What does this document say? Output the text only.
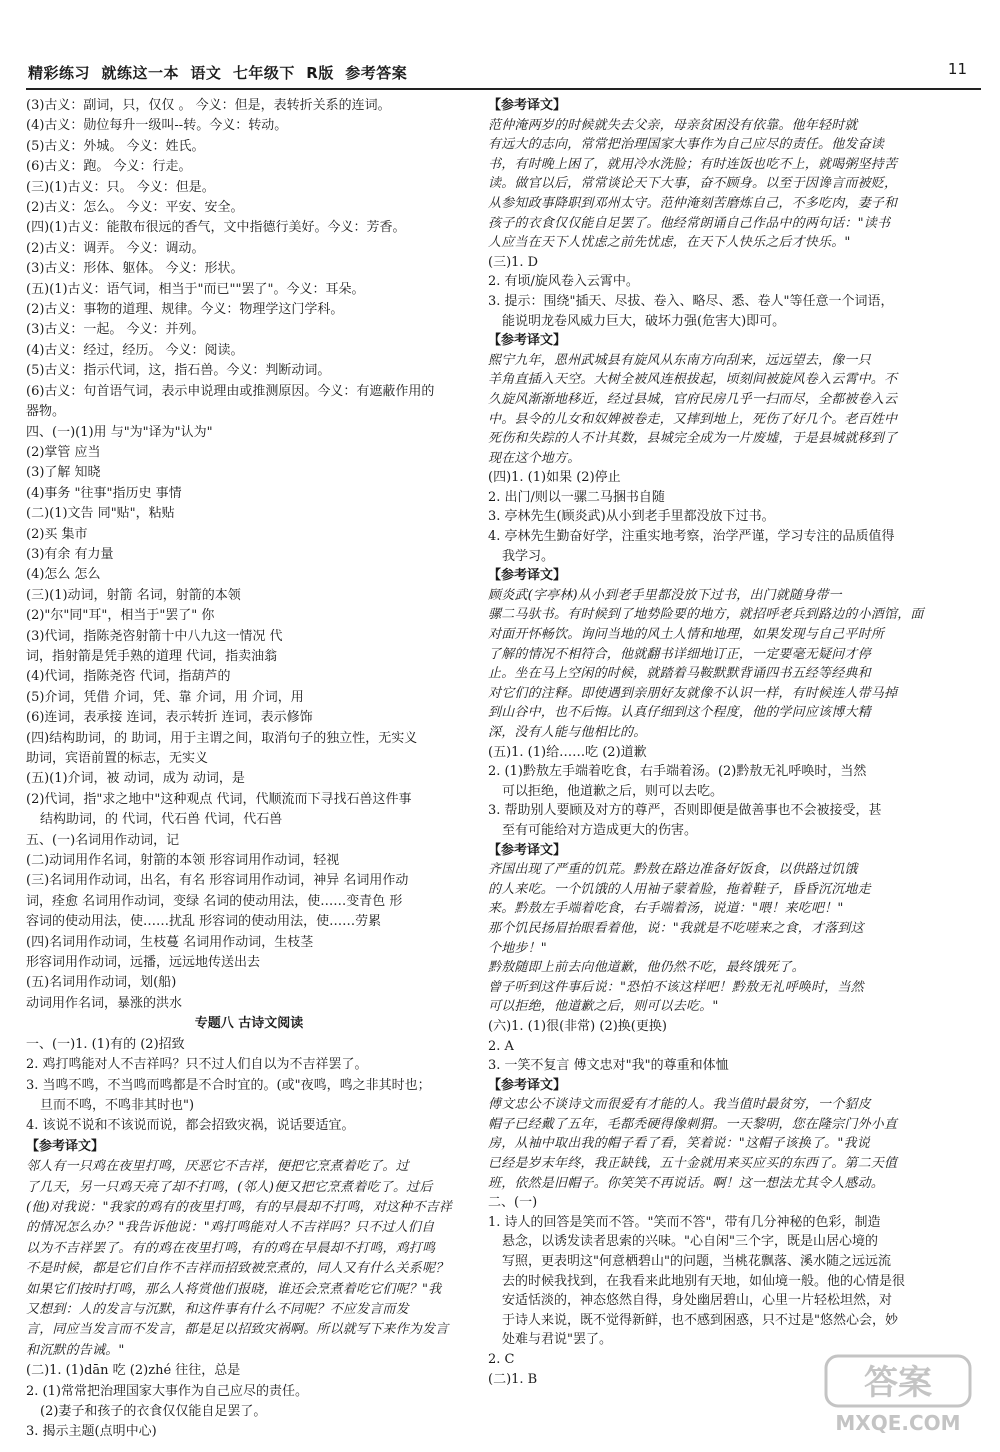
精彩练习  就练这一本  语文  七年级下  R版  参考答案	11
(3)古义：副词，只，仅仅 。 今义：但是，表转折关系的连词。
(4)古义：勋位每升一级叫--转。今义：转动。
(5)古义：外城。 今义：姓氏。
(6)古义：跑。 今义：行走。
(三)(1)古义：只。 今义：但是。
(2)古义：怎么。 今义：平安、安全。
(四)(1)古义：能散布很远的香气，文中指德行美好。今义：芳香。
(2)古义：调弄。 今义：调动。
(3)古义：形体、躯体。 今义：形状。
(五)(1)古义：语气词，相当于"而已""罢了"。今义：耳朵。
(2)古义：事物的道理、规律。今义：物理学这门学科。
(3)古义：一起。 今义：并列。
(4)古义：经过，经历。 今义：阅读。
(5)古义：指示代词，这，指石兽。今义：判断动词。
(6)古义：句首语气词，表示申说理由或推测原因。今义：有遮蔽作用的
器物。
四、(一)(1)用 与"为"译为"认为"
(2)掌管 应当
(3)了解 知晓
(4)事务 "往事"指历史 事情
(二)(1)文告 同"贴"，粘贴
(2)买 集市
(3)有余 有力量
(4)怎么 怎么
(三)(1)动词，射箭 名词，射箭的本领
(2)"尔"同"耳"，相当于"罢了" 你
(3)代词，指陈尧咨射箭十中八九这一情况 代
词，指射箭是凭手熟的道理 代词，指卖油翁
(4)代词，指陈尧咨 代词，指葫芦的
(5)介词，凭借 介词，凭、靠 介词，用 介词，用
(6)连词，表承接 连词，表示转折 连词，表示修饰
(四)结构助词，的 助词，用于主谓之间，取消句子的独立性，无实义
助词，宾语前置的标志，无实义
(五)(1)介词，被 动词，成为 动词，是
(2)代词，指"求之地中"这种观点 代词，代顺流而下寻找石兽这件事
结构助词，的 代词，代石兽 代词，代石兽
五、(一)名词用作动词，记
(二)动词用作名词，射箭的本领 形容词用作动词，轻视
(三)名词用作动词，出名，有名 形容词用作动词，神异 名词用作动
词，痊愈 名词用作动词，变绿 名词的使动用法，使……变青色 形
容词的使动用法，使……扰乱 形容词的使动用法，使……劳累
(四)名词用作动词，生枝蔓 名词用作动词，生枝茎
形容词用作动词，远播，远远地传送出去
(五)名词用作动词，划(船)
动词用作名词，暴涨的洪水
专题八 古诗文阅读
一、(一)1. (1)有的 (2)招致
2. 鸡打鸣能对人不吉祥吗？只不过人们自以为不吉祥罢了。
3. 当鸣不鸣，不当鸣而鸣都是不合时宜的。(或"夜鸣，鸣之非其时也；
旦而不鸣，不鸣非其时也")
4. 该说不说和不该说而说，都会招致灾祸，说话要适宜。
【参考译文】
邻人有一只鸡在夜里打鸣，厌恶它不吉祥，便把它烹煮着吃了。过
了几天，另一只鸡天亮了却不打鸣，(邻人)便又把它烹煮着吃了。过后
(他)对我说："我家的鸡有的夜里打鸣，有的早晨却不打鸣，对这种不吉祥
的情况怎么办？"我告诉他说："鸡打鸣能对人不吉祥吗？只不过人们自
以为不吉祥罢了。有的鸡在夜里打鸣，有的鸡在早晨却不打鸣，鸡打鸣
不是时候，都是它们自作不吉祥而招致被烹煮的，同人又有什么关系呢？
如果它们按时打鸣，那么人将赏他们报晓，谁还会烹煮着吃它们呢？"我
又想到：人的发言与沉默，和这件事有什么不同呢？不应发言而发
言，同应当发言而不发言，都是足以招致灾祸啊。所以就写下来作为发言
和沉默的告诫。"
(二)1. (1)dān 吃 (2)zhé 往往，总是
2. (1)常常把治理国家大事作为自己应尽的责任。
(2)妻子和孩子的衣食仅仅能自足罢了。
3. 揭示主题(点明中心)
【参考译文】
范仲淹两岁的时候就失去父亲，母亲贫困没有依靠。他年轻时就
有远大的志向，常常把治理国家大事作为自己应尽的责任。他发奋读
书，有时晚上困了，就用冷水洗脸；有时连饭也吃不上，就喝粥坚持苦
读。做官以后，常常谈论天下大事，奋不顾身。以至于因谗言而被贬，
从参知政事降职到邓州太守。范仲淹刻苦磨炼自己，不多吃肉，妻子和
孩子的衣食仅仅能自足罢了。他经常朗诵自己作品中的两句话："读书
人应当在天下人忧虑之前先忧虑，在天下人快乐之后才快乐。"
(三)1. D
2. 有顷/旋风卷入云霄中。
3. 提示：围绕"插天、尽拔、卷入、略尽、悉、卷人"等任意一个词语，
能说明龙卷风威力巨大，破坏力强(危害大)即可。
【参考译文】
熙宁九年，恩州武城县有旋风从东南方向刮来，远远望去，像一只
羊角直插入天空。大树全被风连根拔起，顷刻间被旋风卷入云霄中。不
久旋风渐渐地移近，经过县城，官府民房几乎一扫而尽，全都被卷入云
中。县令的儿女和奴婢被卷走，又摔到地上，死伤了好几个。老百姓中
死伤和失踪的人不计其数，县城完全成为一片废墟，于是县城就移到了
现在这个地方。
(四)1. (1)如果 (2)停止
2. 出门/则以一骡二马捆书自随
3. 亭林先生(顾炎武)从小到老手里都没放下过书。
4. 亭林先生勤奋好学，注重实地考察，治学严谨，学习专注的品质值得
我学习。
【参考译文】
顾炎武(字亭林)从小到老手里都没放下过书，出门就随身带一
骡二马驮书。有时候到了地势险要的地方，就招呼老兵到路边的小酒馆，面
对面开怀畅饮。询问当地的风土人情和地理，如果发现与自己平时所
了解的情况不相符合，他就翻书详细地订正，一定要毫无疑问才停
止。坐在马上空闲的时候，就踏着马鞍默默背诵四书五经等经典和
对它们的注释。即使遇到亲朋好友就像不认识一样，有时候连人带马掉
到山谷中，也不后悔。认真仔细到这个程度，他的学问应该博大精
深，没有人能与他相比的。
(五)1. (1)给……吃 (2)道歉
2. (1)黔敖左手端着吃食，右手端着汤。(2)黔敖无礼呼唤时，当然
可以拒绝，他道歉之后，则可以去吃。
3. 帮助别人要顾及对方的尊严，否则即便是做善事也不会被接受，甚
至有可能给对方造成更大的伤害。
【参考译文】
齐国出现了严重的饥荒。黔敖在路边准备好饭食，以供路过饥饿
的人来吃。一个饥饿的人用袖子蒙着脸，拖着鞋子，昏昏沉沉地走
来。黔敖左手端着吃食，右手端着汤，说道："喂！来吃吧！"
那个饥民扬眉抬眼看着他，说："我就是不吃嗟来之食，才落到这
个地步！"
黔敖随即上前去向他道歉，他仍然不吃，最终饿死了。
曾子听到这件事后说："恐怕不该这样吧！黔敖无礼呼唤时，当然
可以拒绝，他道歉之后，则可以去吃。"
(六)1. (1)很(非常) (2)换(更换)
2. A
3. 一笑不复言 傅文忠对"我"的尊重和体恤
【参考译文】
傅文忠公不谈诗文而很爱有才能的人。我当值时最贫穷，一个貂皮
帽子已经戴了五年，毛都秃硬得像刺猬。一天黎明，您在隆宗门外小直
房，从袖中取出我的帽子看了看，笑着说："这帽子该换了。"我说
已经是岁末年终，我正缺钱，五十金就用来买应买的东西了。第二天值
班，依然是旧帽子。你笑笑不再说话。啊！这一想法尤其令人感动。
二、(一)
1. 诗人的回答是笑而不答。"笑而不答"，带有几分神秘的色彩，制造
悬念，以诱发读者思索的兴味。"心自闲"三个字，既是山居心境的
写照，更表明这"何意栖碧山"的问题，当桃花飘落、溪水随之远远流
去的时候我找到，在我看来此地别有天地，如仙境一般。他的心情是很
安适恬淡的，神态悠然自得，身处幽居碧山，心里一片轻松坦然，对
于诗人来说，既不觉得新鲜，也不感到困惑，只不过是"悠然心会，妙
处难与君说"罢了。
2. C
(二)1. B	答案
MXQE.COM
